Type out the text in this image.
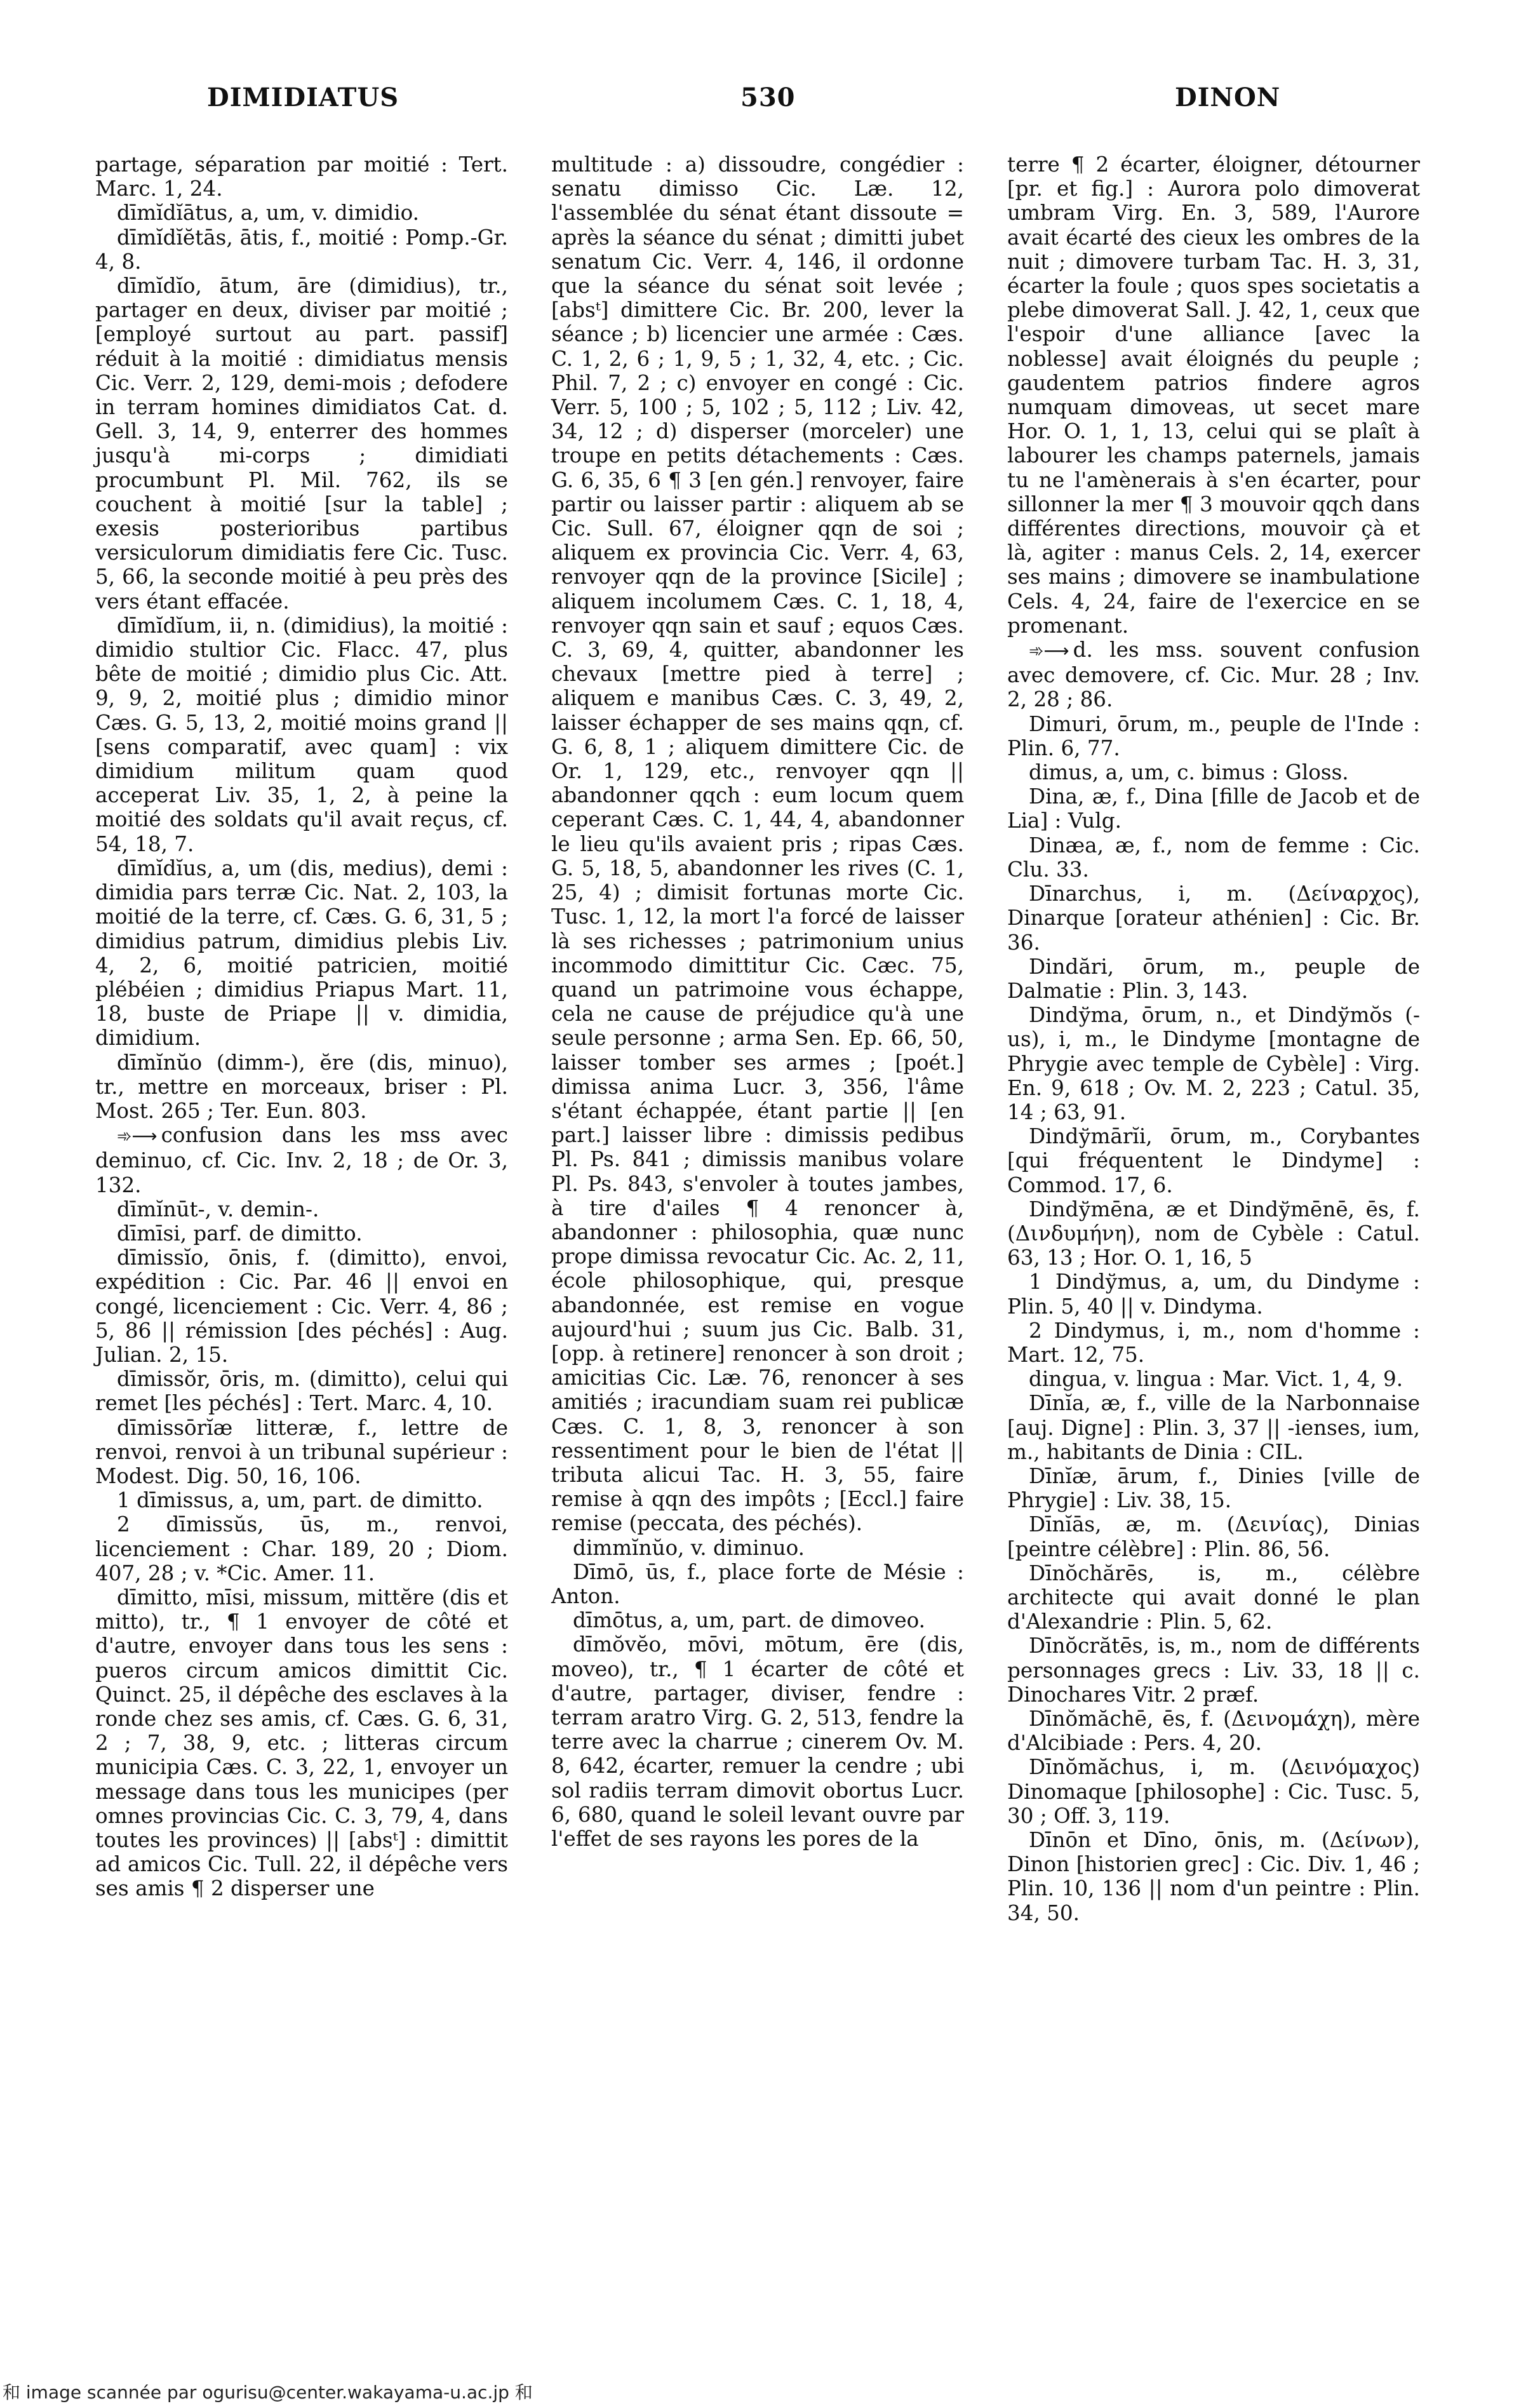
DIMIDIATUS	530	DINON

partage, séparation par moitié : Tert. Marc. 1, 24.

dīmĭdĭātus, a, um, v. dimidio.

dīmĭdĭĕtās, ātis, f., moitié : Pomp.-Gr. 4, 8.

dīmĭdĭo, ātum, āre (dimidius), tr., partager en deux, diviser par moitié ; [employé surtout au part. passif] réduit à la moitié : dimidiatus mensis Cic. Verr. 2, 129, demi-mois ; defodere in terram homines dimidiatos Cat. d. Gell. 3, 14, 9, enterrer des hommes jusqu'à mi-corps ; dimidiati procumbunt Pl. Mil. 762, ils se couchent à moitié [sur la table] ; exesis posterioribus partibus versiculorum dimidiatis fere Cic. Tusc. 5, 66, la seconde moitié à peu près des vers étant effacée.

dīmĭdĭum, ii, n. (dimidius), la moitié : dimidio stultior Cic. Flacc. 47, plus bête de moitié ; dimidio plus Cic. Att. 9, 9, 2, moitié plus ; dimidio minor Cæs. G. 5, 13, 2, moitié moins grand || [sens comparatif, avec quam] : vix dimidium militum quam quod acceperat Liv. 35, 1, 2, à peine la moitié des soldats qu'il avait reçus, cf. 54, 18, 7.

dīmĭdĭus, a, um (dis, medius), demi : dimidia pars terræ Cic. Nat. 2, 103, la moitié de la terre, cf. Cæs. G. 6, 31, 5 ; dimidius patrum, dimidius plebis Liv. 4, 2, 6, moitié patricien, moitié plébéien ; dimidius Priapus Mart. 11, 18, buste de Priape || v. dimidia, dimidium.

dīmĭnŭo (dimm-), ĕre (dis, minuo), tr., mettre en morceaux, briser : Pl. Most. 265 ; Ter. Eun. 803.

➾⟶ confusion dans les mss avec deminuo, cf. Cic. Inv. 2, 18 ; de Or. 3, 132.

dīmĭnūt-, v. demin-.

dīmīsi, parf. de dimitto.

dīmissĭo, ōnis, f. (dimitto), envoi, expédition : Cic. Par. 46 || envoi en congé, licenciement : Cic. Verr. 4, 86 ; 5, 86 || rémission [des péchés] : Aug. Julian. 2, 15.

dīmissŏr, ōris, m. (dimitto), celui qui remet [les péchés] : Tert. Marc. 4, 10.

dīmissōrĭæ litteræ, f., lettre de renvoi, renvoi à un tribunal supérieur : Modest. Dig. 50, 16, 106.

1 dīmissus, a, um, part. de dimitto.

2 dīmissŭs, ūs, m., renvoi, licenciement : Char. 189, 20 ; Diom. 407, 28 ; v. *Cic. Amer. 11.

dīmitto, mīsi, missum, mittĕre (dis et mitto), tr., ¶ 1 envoyer de côté et d'autre, envoyer dans tous les sens : pueros circum amicos dimittit Cic. Quinct. 25, il dépêche des esclaves à la ronde chez ses amis, cf. Cæs. G. 6, 31, 2 ; 7, 38, 9, etc. ; litteras circum municipia Cæs. C. 3, 22, 1, envoyer un message dans tous les municipes (per omnes provincias Cic. C. 3, 79, 4, dans toutes les provinces) || [absᵗ] : dimittit ad amicos Cic. Tull. 22, il dépêche vers ses amis ¶ 2 disperser une

multitude : a) dissoudre, congédier : senatu dimisso Cic. Læ. 12, l'assemblée du sénat étant dissoute = après la séance du sénat ; dimitti jubet senatum Cic. Verr. 4, 146, il ordonne que la séance du sénat soit levée ; [absᵗ] dimittere Cic. Br. 200, lever la séance ; b) licencier une armée : Cæs. C. 1, 2, 6 ; 1, 9, 5 ; 1, 32, 4, etc. ; Cic. Phil. 7, 2 ; c) envoyer en congé : Cic. Verr. 5, 100 ; 5, 102 ; 5, 112 ; Liv. 42, 34, 12 ; d) disperser (morceler) une troupe en petits détachements : Cæs. G. 6, 35, 6 ¶ 3 [en gén.] renvoyer, faire partir ou laisser partir : aliquem ab se Cic. Sull. 67, éloigner qqn de soi ; aliquem ex provincia Cic. Verr. 4, 63, renvoyer qqn de la province [Sicile] ; aliquem incolumem Cæs. C. 1, 18, 4, renvoyer qqn sain et sauf ; equos Cæs. C. 3, 69, 4, quitter, abandonner les chevaux [mettre pied à terre] ; aliquem e manibus Cæs. C. 3, 49, 2, laisser échapper de ses mains qqn, cf. G. 6, 8, 1 ; aliquem dimittere Cic. de Or. 1, 129, etc., renvoyer qqn || abandonner qqch : eum locum quem ceperant Cæs. C. 1, 44, 4, abandonner le lieu qu'ils avaient pris ; ripas Cæs. G. 5, 18, 5, abandonner les rives (C. 1, 25, 4) ; dimisit fortunas morte Cic. Tusc. 1, 12, la mort l'a forcé de laisser là ses richesses ; patrimonium unius incommodo dimittitur Cic. Cæc. 75, quand un patrimoine vous échappe, cela ne cause de préjudice qu'à une seule personne ; arma Sen. Ep. 66, 50, laisser tomber ses armes ; [poét.] dimissa anima Lucr. 3, 356, l'âme s'étant échappée, étant partie || [en part.] laisser libre : dimissis pedibus Pl. Ps. 841 ; dimissis manibus volare Pl. Ps. 843, s'envoler à toutes jambes, à tire d'ailes ¶ 4 renoncer à, abandonner : philosophia, quæ nunc prope dimissa revocatur Cic. Ac. 2, 11, école philosophique, qui, presque abandonnée, est remise en vogue aujourd'hui ; suum jus Cic. Balb. 31, [opp. à retinere] renoncer à son droit ; amicitias Cic. Læ. 76, renoncer à ses amitiés ; iracundiam suam rei publicæ Cæs. C. 1, 8, 3, renoncer à son ressentiment pour le bien de l'état || tributa alicui Tac. H. 3, 55, faire remise à qqn des impôts ; [Eccl.] faire remise (peccata, des péchés).

dimmĭnŭo, v. diminuo.

Dīmō, ūs, f., place forte de Mésie : Anton.

dīmōtus, a, um, part. de dimoveo.

dīmŏvĕo, mōvi, mōtum, ēre (dis, moveo), tr., ¶ 1 écarter de côté et d'autre, partager, diviser, fendre : terram aratro Virg. G. 2, 513, fendre la terre avec la charrue ; cinerem Ov. M. 8, 642, écarter, remuer la cendre ; ubi sol radiis terram dimovit obortus Lucr. 6, 680, quand le soleil levant ouvre par l'effet de ses rayons les pores de la

terre ¶ 2 écarter, éloigner, détourner [pr. et fig.] : Aurora polo dimoverat umbram Virg. En. 3, 589, l'Aurore avait écarté des cieux les ombres de la nuit ; dimovere turbam Tac. H. 3, 31, écarter la foule ; quos spes societatis a plebe dimoverat Sall. J. 42, 1, ceux que l'espoir d'une alliance [avec la noblesse] avait éloignés du peuple ; gaudentem patrios findere agros numquam dimoveas, ut secet mare Hor. O. 1, 1, 13, celui qui se plaît à labourer les champs paternels, jamais tu ne l'amènerais à s'en écarter, pour sillonner la mer ¶ 3 mouvoir qqch dans différentes directions, mouvoir çà et là, agiter : manus Cels. 2, 14, exercer ses mains ; dimovere se inambulatione Cels. 4, 24, faire de l'exercice en se promenant.

➾⟶ d. les mss. souvent confusion avec demovere, cf. Cic. Mur. 28 ; Inv. 2, 28 ; 86.

Dimuri, ōrum, m., peuple de l'Inde : Plin. 6, 77.

dimus, a, um, c. bimus : Gloss.

Dina, æ, f., Dina [fille de Jacob et de Lia] : Vulg.

Dinæa, æ, f., nom de femme : Cic. Clu. 33.

Dīnarchus, i, m. (Δείναρχος), Dinarque [orateur athénien] : Cic. Br. 36.

Dindări, ōrum, m., peuple de Dalmatie : Plin. 3, 143.

Dindўma, ōrum, n., et Dindўmŏs (-us), i, m., le Dindyme [montagne de Phrygie avec temple de Cybèle] : Virg. En. 9, 618 ; Ov. M. 2, 223 ; Catul. 35, 14 ; 63, 91.

Dindўmārĭi, ōrum, m., Corybantes [qui fréquentent le Dindyme] : Commod. 17, 6.

Dindўmēna, æ et Dindўmēnē, ēs, f. (Δινδυμήνη), nom de Cybèle : Catul. 63, 13 ; Hor. O. 1, 16, 5

1 Dindўmus, a, um, du Dindyme : Plin. 5, 40 || v. Dindyma.

2 Dindymus, i, m., nom d'homme : Mart. 12, 75.

dingua, v. lingua : Mar. Vict. 1, 4, 9.

Dīnĭa, æ, f., ville de la Narbonnaise [auj. Digne] : Plin. 3, 37 || -ienses, ium, m., habitants de Dinia : CIL.

Dīnĭæ, ārum, f., Dinies [ville de Phrygie] : Liv. 38, 15.

Dīnĭās, æ, m. (Δεινίας), Dinias [peintre célèbre] : Plin. 86, 56.

Dīnŏchărēs, is, m., célèbre architecte qui avait donné le plan d'Alexandrie : Plin. 5, 62.

Dīnŏcrătēs, is, m., nom de différents personnages grecs : Liv. 33, 18 || c. Dinochares Vitr. 2 præf.

Dīnŏmăchē, ēs, f. (Δεινομάχη), mère d'Alcibiade : Pers. 4, 20.

Dīnŏmăchus, i, m. (Δεινόμαχος) Dinomaque [philosophe] : Cic. Tusc. 5, 30 ; Off. 3, 119.

Dīnōn et Dīno, ōnis, m. (Δείνων), Dinon [historien grec] : Cic. Div. 1, 46 ; Plin. 10, 136 || nom d'un peintre : Plin. 34, 50.

和 image scannée par ogurisu@center.wakayama-u.ac.jp 和
